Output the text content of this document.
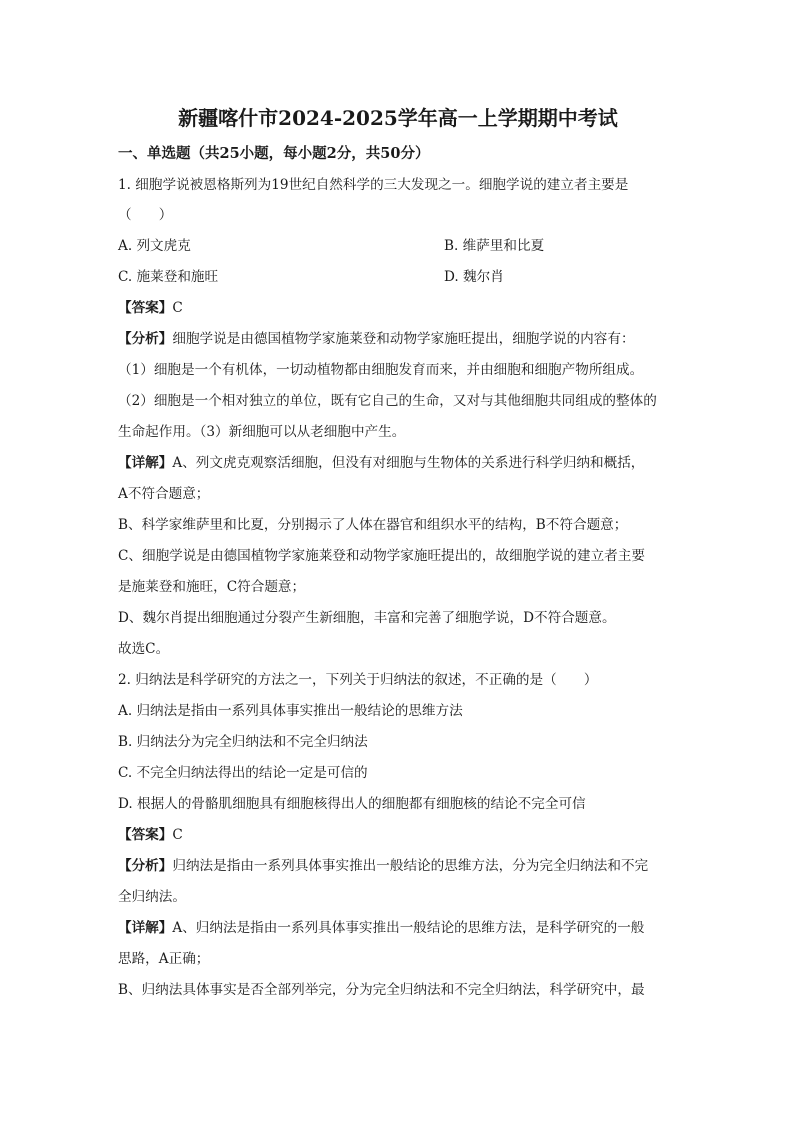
新疆喀什市2024-2025学年高一上学期期中考试
一、单选题（共25小题，每小题2分，共50分）
1. 细胞学说被恩格斯列为19世纪自然科学的三大发现之一。细胞学说的建立者主要是
（　　）
A. 列文虎克	B. 维萨里和比夏
C. 施莱登和施旺	D. 魏尔肖
【答案】C
【分析】细胞学说是由德国植物学家施莱登和动物学家施旺提出，细胞学说的内容有：
（1）细胞是一个有机体，一切动植物都由细胞发育而来，并由细胞和细胞产物所组成。
（2）细胞是一个相对独立的单位，既有它自己的生命，又对与其他细胞共同组成的整体的
生命起作用。（3）新细胞可以从老细胞中产生。
【详解】A、列文虎克观察活细胞，但没有对细胞与生物体的关系进行科学归纳和概括，
A不符合题意；
B、科学家维萨里和比夏，分别揭示了人体在器官和组织水平的结构，B不符合题意；
C、细胞学说是由德国植物学家施莱登和动物学家施旺提出的，故细胞学说的建立者主要
是施莱登和施旺，C符合题意；
D、魏尔肖提出细胞通过分裂产生新细胞，丰富和完善了细胞学说，D不符合题意。
故选C。
2. 归纳法是科学研究的方法之一，下列关于归纳法的叙述，不正确的是（　　）
A. 归纳法是指由一系列具体事实推出一般结论的思维方法
B. 归纳法分为完全归纳法和不完全归纳法
C. 不完全归纳法得出的结论一定是可信的
D. 根据人的骨骼肌细胞具有细胞核得出人的细胞都有细胞核的结论不完全可信
【答案】C
【分析】归纳法是指由一系列具体事实推出一般结论的思维方法，分为完全归纳法和不完
全归纳法。
【详解】A、归纳法是指由一系列具体事实推出一般结论的思维方法，是科学研究的一般
思路，A正确；
B、归纳法具体事实是否全部列举完，分为完全归纳法和不完全归纳法，科学研究中，最
